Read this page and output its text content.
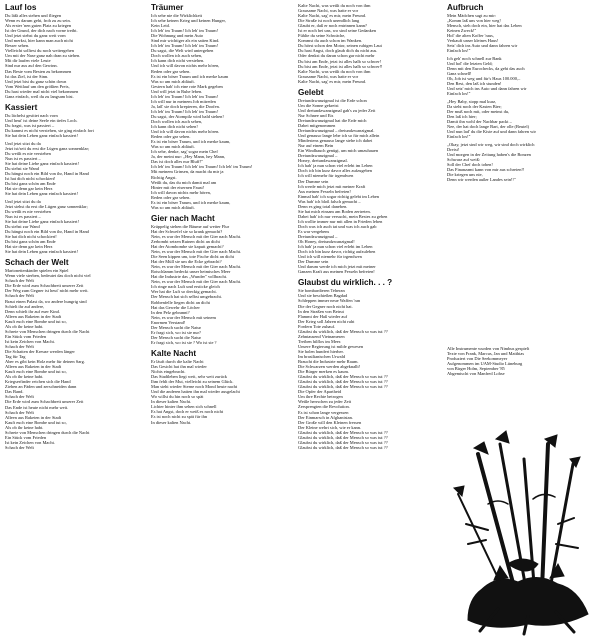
Lauf los
Du läßt alles stehen und fliegen
Wenn es darum geht, froh zu zu sein.
Als erster 'nen guten Platz zu kriegen
Ist der Grund, der dich nach vorne treibt.
Und jetzt stehst du ganz weit vorn
Und merkst, hier kann man auch nicht
Besser sehen.
Vielleicht solltest du noch weitergehen
Um mit der Nase ganz nah dran zu stehen.
Mit dir laufen viele Leute
Sind nur aus auf den Gewinn.
Das Beste vom Besten zu bekommen
Ist das Ziel, ist der Sinn.
Und jetzt bist du ganz schön down
Vom Wettlauf um den größten Preis,
Du hast wieder mal nicht viel bekommen
Ganz einfach, weil du zu langsam bist.
Kassiert
Du lächelst gesittet nach vorn
Und heut' ist deine Seele ein tiefes Loch.
Du fragst, was ist passiert –
Du kannst es nicht verstehen, sie ging einfach fort
Sie hat dein Leben ganz einfach kassiert!
Und jetzt sitzt du da
Jetzt ist/seit du erst die Lügen ganz sonnenklar;
Du weißt es nie verstehen
Nun ist es passiert –
Sie hat deine Liebe ganz einfach kassiert!
Du siehst sie Wand
Du hängst noch ein Bild von ihr, Hand in Hand
Ist hat dich nicht schockiert!
Du bist ganz schön am Ende
Hat sie denn gar kein Herz
Sie hat dein Leben ganz einfach kassiert!
Und jetzt sitzt du da
Jetzt siehst du erst die Lügen ganz sonnenklar;
Du weißt es nie verstehen
Nun ist es passiert –
Sie hat deine Liebe ganz einfach kassiert!
Du siehst zur Wand
Du hängst noch ein Bild von ihr, Hand in Hand
Sie hat dich nicht schockiert!
Du bist ganz schön am Ende
Hat sie denn gar kein Herz
Sie hat dein Leben ganz einfach kassiert!
Schach der Welt
Marionettenkinder spielen ein Spiel
Wenn viele sterben, bedeutet das doch nicht viel
Schach der Welt
Die Erde wird zum Schachbrett unserer Zeit
Der Weg zum Gegner ist heut' nicht mehr weit.
Schach der Welt
Braut einen Palast da, wo andere hungrig sind
Schielt ihr auf andere,
Denn schielt ihr auf euer Kind.
Alleen aus Raketen in der Stadt
Kauft euch eine Bombe und tut so,
Als ob ihr keine habt.
Schreie von Menschen dringen durch die Nacht
Ein Stück vom Frieden
Ist kein Zeichen von Macht.
Schach der Welt
Die Schatten der Kreuze werden länger
Tag für Tag
Aber es gibt kein Holz mehr für deinen Sarg.
Alleen aus Raketen in der Stadt
Kauft euch eine Bombe und tut so,
Als ob ihr keine habt.
Kriegserfinder reichen sich die Hand
Ziehen an Fäden und zerschneiden dann
Das Band.
Schach der Welt
Die Erde wird zum Schachbrett unserer Zeit
Das Ende ist heute nicht mehr weit.
Schach der Welt
Alleen aus Raketen in der Stadt
Kauft euch eine Bombe und tut so,
Als ob ihr keine habt.
Schreie von Menschen dringen durch die Nacht
Ein Stück vom Frieden
Ist kein Zeichen von Macht.
Schach der Welt
Träumer
Ich sehe nie die Wirklichkeit
Ich sehe keinen Krieg und keinen Hunger,
Kein Leid.
Ich leb' im Traum! Ich leb' im Traum!
Die Wohnung und mein Auto
Sind mir wichtiger als ein satten Kind.
Ich leb' im Traum! Ich leb' im Traum!
Du sagst, die Welt wird untergehen
Doch wollen ich auch sehen,
Ich kann dich nicht verstehen.
Und ich will davon nichts mehr hören,
Reden oder gar sehen.
Es ist ein böser Traum und ich merke kaum
Was so um mich abläuft.
Gestern hab' ich eine rote Mark gegeben
Und will jetzt in Ruhe leben.
Ich leb' im Traum! Ich leb' im Traum!
Ich will nur in meinem Job mitreden
Ja, laß' sie doch krepieren, die Doofen.
Ich leb' im Traum! Ich leb' im Traum!
Du sagst, der Atompilz wird bald stehen!
Doch wollen ich auch sehen,
Ich kann dich nicht sehen!
Und ich will davon nichts mehr hören.
Reden oder gar sehen.
Es ist ein böser Traum, und ich merke kaum,
Was so um mich abläuft.
Ich sehe, denke, sag' sogar mein Chef
Ja, der meint nur: „Hey Mann, hey Mann,
Das ist doch alles nur Bluff!"
Ich leb' im Traum! Ich leb' im Traum! Ich leb' im Traum!
Mit meinem Grinsen, da macht du mir ja
Richtig Angst.
Weißt du, das du mich damit mal am
Hinter mit der eisernen Faust!
Ich will davon nichts mehr hören,
Reden oder gar sehen.
Es ist ein böser Traum, und ich merke kaum,
Was so um mich abläuft.
Gier nach Macht
Krüppelig stehen die Bäume auf weiter Flur
Hat der Schwefel sie so krank gemacht?
Nein, es war der Mensch mit der Gier nach Macht.
Zerbombt setzen Ruinen dicht an dicht
Hat der Atombombe sie kaputt gemacht?
Nein, es war der Mensch mit der Gier nach Macht.
Die Seen kippen um, tote Fische dicht an dicht
Hat der Müll sie um die Ecke gebracht?
Nein, es war der Mensch mit der Gier nach Macht.
Rotschlamm bedeckt unser heimisches Meer
Hat die Industrie das „Wunder" vollbracht.
Nein, es war der Mensch mit der Gier nach Macht.
Ich ringe nach Luft und ersticke gleich
Wer hat die Luft so dreckig gemacht.
Der Mensch hat sich selbst umgebracht.
Robbenfelle liegen dicht an dicht
Hat das Gewehr die Löcher
In den Pelz gebrannt?
Nein, es war der Mensch mit seinem
Enormen Verstand!
Der Mensch sucht die Natur
Er fragt sich, wo ist sie nur?
Der Mensch sucht die Natur
Er fragt sich, wo ist sie ? Wo ist sie ?
Kalte Nacht
Er läuft durch die kalte Nacht
Das Gesicht hat ihn mal wieder
Nichts eingebracht.
Das Stadtleben liegt weit, sehr weit zurück
Ihm fehlt der Mut, vielleicht zu seinem Glück.
Man sieht wieder Sterne noch Mond heute nacht
Und die anderen hatten ihn mal wieder ausgelacht
Wo willst du hin noch so spät
In dieser kalten Nacht.
Lichter hinter ihm sehen sich schnell
Es hat Angst, doch er weiß es noch nicht
Es ist noch nicht zu spät für ihn
In dieser kalten Nacht.
Kalte Nacht, was weißt du noch von ihm
Grausame Nacht, was hatte er vor
Kalte Nacht, sag' es mir, mein Freund.
Die Straße ist noch unendlich lang
Glaubt er, daß er noch entrinnen kann?
Ist er noch bei uns, wo sind seine Gedanken
Fühlte du seine Schwäche,
Kommst du auch schon im Wanken.
Du hörst schon den Motor, seinen ruhigen Laut
Du hast Angst, doch glaub dich du nicht aus.
Oder denkst du daran schon gar nicht mehr
Du bist am Ende, jetzt ist alles halb so schwer!
Du bist am Ende, jetzt ist alles halb so schwer!!
Kalte Nacht, was weißt du noch von ihm
Grausame Nacht, was hatte er vor
Kalte Nacht, sag' es mir, mein Freund.
Gelebt
Dreiundzwanzigmal ist die Erde schon
Um die Sonne gekreist
Und dreiundzwanzigmal gab's zu jeder Zeit
Nur Schnee und Eis
Dreiundzwanzigmal hat die Erde mich
Dabei mitgenommen
Dreiundzwanzigmal – dreiundzwanzigmal.
Und genauso lange lebe ich so für mich allein
Mindestens genauso lange stehe ich dabei
Nur auf einem Bein
Ein Windhauch genügt, um mich umzuhauen
Dreiundzwanzigmal –
Honey, dreiundzwanzigmal.
Ich hab' ja nun schon viel erlebt im Leben
Doch ich bin kurz davor alles aufzugeben
Ich will niemehr für irgendwen
Der Dumme sein
Ich werde mich jetzt mit meiner Kraft
Aus meinen Fesseln befreien!
Einmal hab' ich sogar richtig gelebt im Leben
Was hab' ich bloß falsch gemacht –
Denn es ging total daneben.
Sie hat mich einsam am Boden zertreten.
Dabei hab' ich nur versucht, mein Bestes zu geben
Ich wollte immer nur mit allen in Frieden leben
Doch was ich auch tat und was ich auch gab
Es war vergebens
Dreiundzwanzigmal –
Oh Honey, dreiundzwanzigmal!
Ich hab' ja nun schon viel erlebt im Leben
Doch ich bin kurz davor, richtig aufzuleben
Und ich will niemehr für irgendwen
Der Dumme sein
Und darum werde ich mich jetzt mit meiner
Ganzen Kraft aus meinen Fesseln befreien!
Glaubst du wirklich. . . ?
Sie bombardieren Teheran
Und sie beschießen Bagdad
Schleppen immer neue Waffen 'ran
Die der Gegner noch nicht hat.
In den Straßen von Beirut
Flammt der Haß wieder auf
Der Krieg soll Jahren nicht ruht
Fordern Tote zuhauf.
Glaubst du wirklich, daß der Mensch so was tut ??
Zehntausend Vietnamesen
Treiben hilflos im Meer.
Unsere Regierung ist milde gewesen
Sie holen hundert hierher.
Im brasilianischen Urwald
Braucht die Industrie mehr Raum.
Die Schwarzen werden abgeknallt!
Die Bürger merken es kaum.
Glaubst du wirklich, daß der Mensch so was tut ??
Glaubst du wirklich, daß der Mensch so was tut ??
Glaubst du wirklich, daß der Mensch so was tut ??
Die Opfer der Apartheid
Um ihre Rechte betrogen
Weiße herrschen zu jeder Zeit
Zersprengten die Revolution.
Es ist schon lange vergessen
Der Einmarsch in Afghanistan.
Der Große will den Kleinen fressen
Der Kleine wehrt sich, wie er kann.
Glaubst du wirklich, daß der Mensch so was tut ??
Glaubst du wirklich, daß der Mensch so was tut ??
Glaubst du wirklich, daß der Mensch so was tut ??
Glaubst du wirklich, daß der Mensch so was tut ??
Aufbruch
Mein Mädchen sagt zu mir:
„Komm laß uns von hier weg!
Mensch, sieh doch ein, hier hat das Leben
Keinen Zweck!"
Hol' die alten Koffer 'raus,
Verkauft unser kleines Haus!
Setz' dich ins Auto und dann fahren wir
Einfach los!"
Ich geh' noch schnell zur Bank
Und hol' die letzten Geld;
Denn mit den Eurochecks, da geht das auch
Ganz schnell!
Oh, Job ist weg und für's Haus 100.000,–
Den Rest, den laß ich stunden!
Und setz' mich ins Auto und dann fahren wir
Einfach los!"
„Hey Baby, stopp mal kurz,
Da steht noch der Kasten Bier;
Der muß noch mit, oder meinst du,
Den laß ich hier;
Damit ihn wohl der Nachbar packt –
Nee, der hat doch lange Bart, der olle (Beutel)
Und nun lad' du die Kiste auf und dann fahren wir
Einfach los!"
„Okay, jetzt sind wir weg, wir sind doch wirklich
Dreist!
Und morgen in der Zeitung haben's die Bonzen
Schwarz auf weiß:
Soll der Chef doch toben!
Das Finanzamt kann von mir aus schreien!!
Die kriegen uns nie,
Denn wir werden außer Landes sein!!"
Alle Instrumente wurden von Nimbus gespielt
Texte von Frank, Marcus, Jan und Matthias
Produziert von Die Seekommeyer
Aufgenommen im UAM-Studio Lüneburg
von Birger Holm, September '85
Abgemischt von Manfred Lohse
